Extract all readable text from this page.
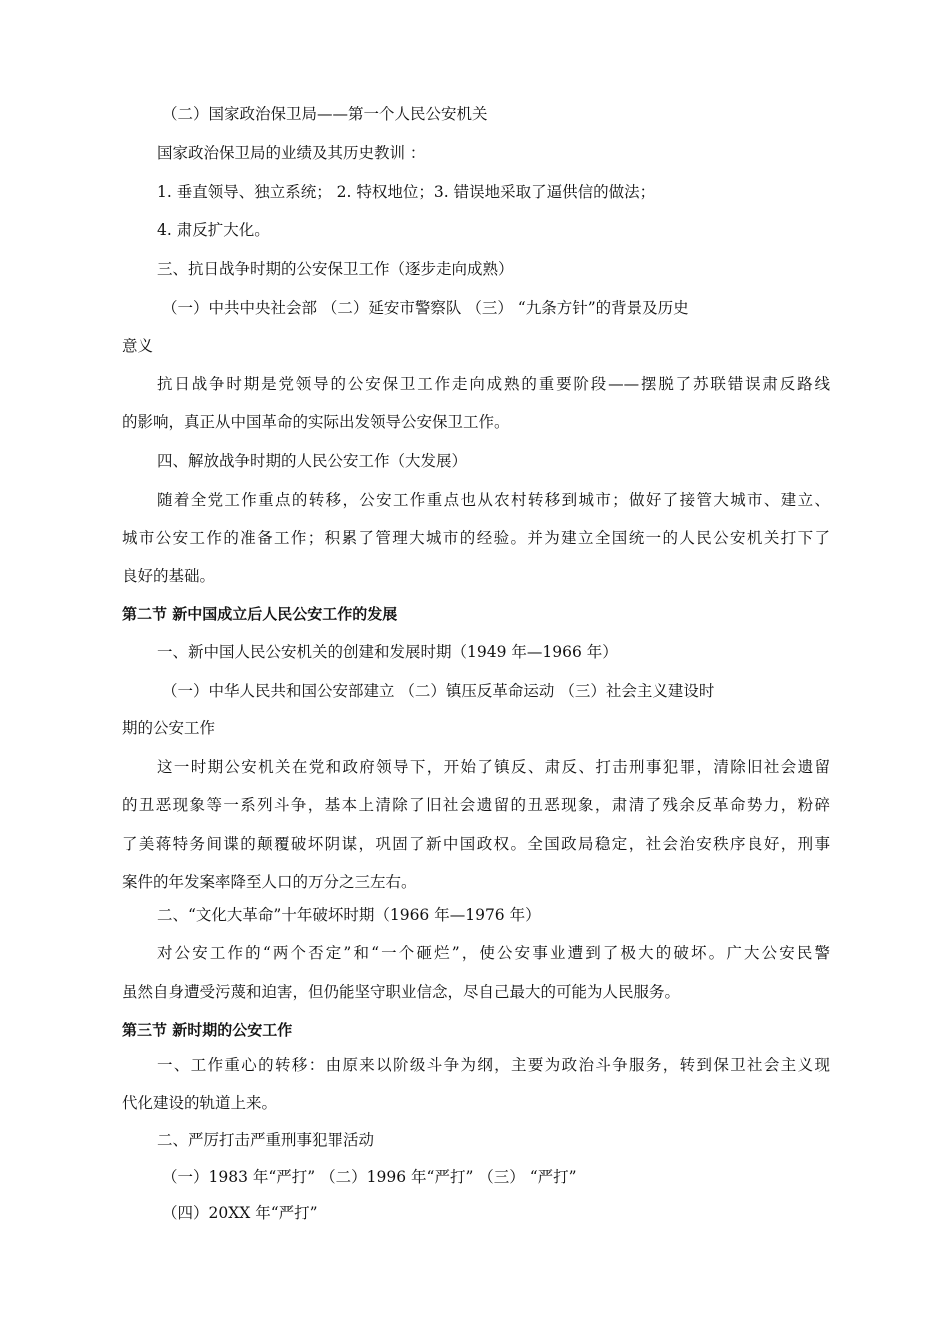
（二）国家政治保卫局——第一个人民公安机关

国家政治保卫局的业绩及其历史教训 ：

1. 垂直领导、独立系统； 2. 特权地位；3. 错误地采取了逼供信的做法；

4. 肃反扩大化。

三、抗日战争时期的公安保卫工作（逐步走向成熟）

（一）中共中央社会部 （二）延安市警察队 （三） “九条方针”的背景及历史

意义

抗日战争时期是党领导的公安保卫工作走向成熟的重要阶段——摆脱了苏联错误肃反路线

的影响，真正从中国革命的实际出发领导公安保卫工作。

四、解放战争时期的人民公安工作（大发展）

随着全党工作重点的转移，公安工作重点也从农村转移到城市；做好了接管大城市、建立、

城市公安工作的准备工作；积累了管理大城市的经验。并为建立全国统一的人民公安机关打下了

良好的基础。

第二节 新中国成立后人民公安工作的发展

一、新中国人民公安机关的创建和发展时期（1949 年—1966 年）

（一）中华人民共和国公安部建立 （二）镇压反革命运动 （三）社会主义建设时

期的公安工作

这一时期公安机关在党和政府领导下，开始了镇反、肃反、打击刑事犯罪，清除旧社会遗留

的丑恶现象等一系列斗争，基本上清除了旧社会遗留的丑恶现象，肃清了残余反革命势力，粉碎

了美蒋特务间谍的颠覆破坏阴谋，巩固了新中国政权。全国政局稳定，社会治安秩序良好，刑事

案件的年发案率降至人口的万分之三左右。

二、“文化大革命”十年破坏时期（1966 年—1976 年）

对公安工作的“两个否定”和“一个砸烂”，使公安事业遭到了极大的破坏。广大公安民警

虽然自身遭受污蔑和迫害，但仍能坚守职业信念，尽自己最大的可能为人民服务。

第三节 新时期的公安工作

一、工作重心的转移：由原来以阶级斗争为纲，主要为政治斗争服务，转到保卫社会主义现

代化建设的轨道上来。

二、严厉打击严重刑事犯罪活动

（一）1983 年“严打” （二）1996 年“严打” （三） “严打”

（四）20XX 年“严打”
